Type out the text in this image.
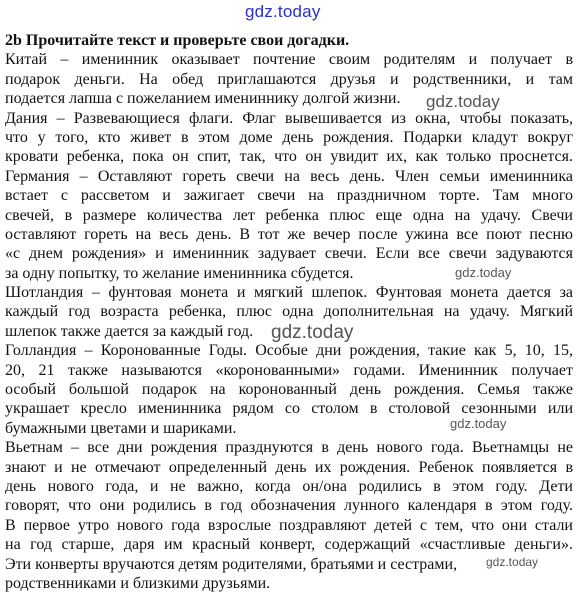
gdz.today

2b Прочитайте текст и проверьте свои догадки.

Китай – именинник оказывает почтение своим родителям и получает в
подарок деньги. На обед приглашаются друзья и родственники, и там
подается лапша с пожеланием имениннику долгой жизни.
Дания – Развевающиеся флаги. Флаг вывешивается из окна, чтобы показать,
что у того, кто живет в этом доме день рождения. Подарки кладут вокруг
кровати ребенка, пока он спит, так, что он увидит их, как только проснется.
Германия – Оставляют гореть свечи на весь день. Член семьи именинника
встает с рассветом и зажигает свечи на праздничном торте. Там много
свечей, в размере количества лет ребенка плюс еще одна на удачу. Свечи
оставляют гореть на весь день. В тот же вечер после ужина все поют песню
«с днем рождения» и именинник задувает свечи. Если все свечи задуваются
за одну попытку, то желание именинника сбудется.
Шотландия – фунтовая монета и мягкий шлепок. Фунтовая монета дается за
каждый год возраста ребенка, плюс одна дополнительная на удачу. Мягкий
шлепок также дается за каждый год.
Голландия – Коронованные Годы. Особые дни рождения, такие как 5, 10, 15,
20, 21 также называются «коронованными» годами. Именинник получает
особый большой подарок на коронованный день рождения. Семья также
украшает кресло именинника рядом со столом в столовой сезонными или
бумажными цветами и шариками.
Вьетнам – все дни рождения празднуются в день нового года. Вьетнамцы не
знают и не отмечают определенный день их рождения. Ребенок появляется в
день нового года, и не важно, когда он/она родились в этом году. Дети
говорят, что они родились в год обозначения лунного календаря в этом году.
В первое утро нового года взрослые поздравляют детей с тем, что они стали
на год старше, даря им красный конверт, содержащий «счастливые деньги».
Эти конверты вручаются детям родителями, братьями и сестрами,
родственниками и близкими друзьями.
gdz.today
gdz.today
gdz.today
gdz.today
gdz.today
